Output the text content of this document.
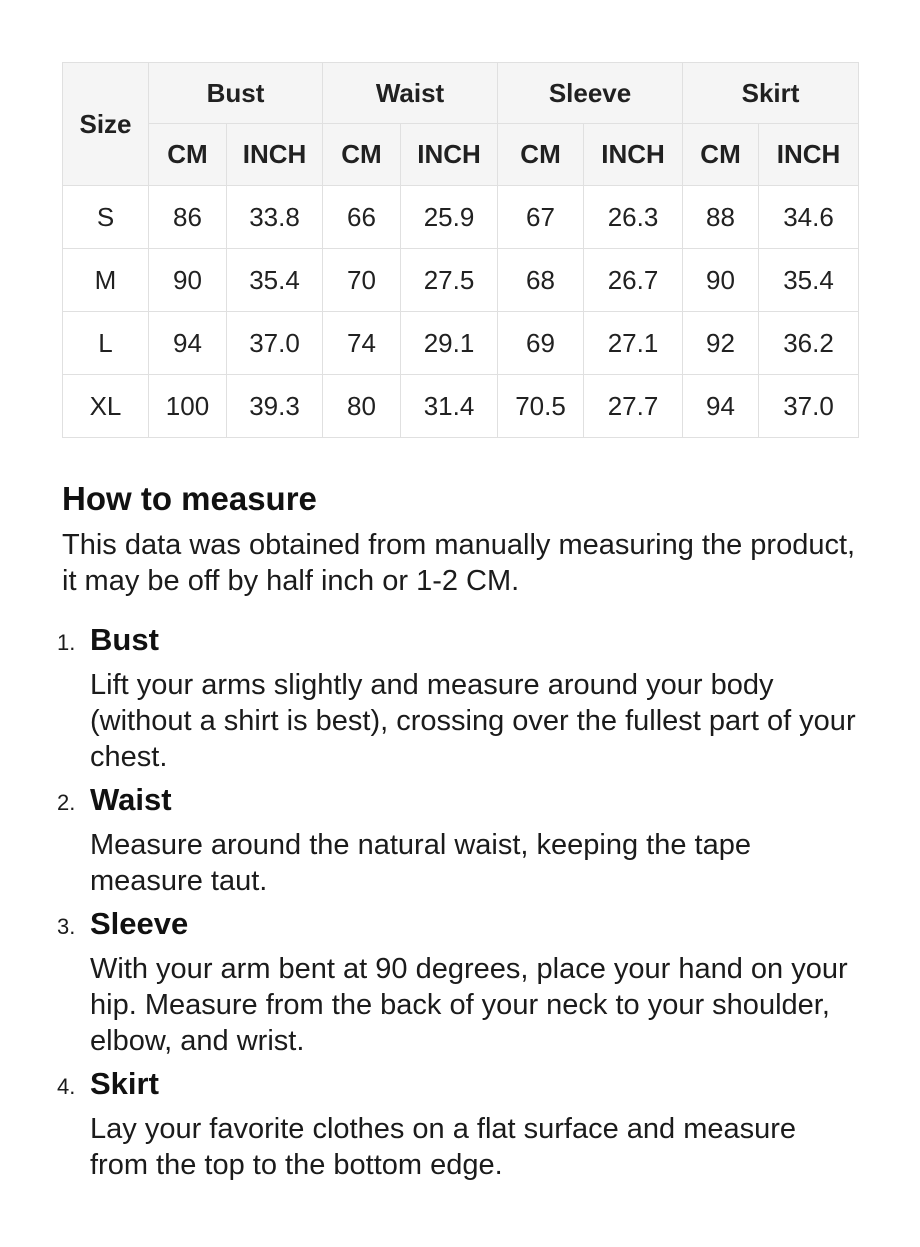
Size	Bust		Waist		Sleeve		Skirt	
	CM	INCH	CM	INCH	CM	INCH	CM	INCH
S	86	33.8	66	25.9	67	26.3	88	34.6
M	90	35.4	70	27.5	68	26.7	90	35.4
L	94	37.0	74	29.1	69	27.1	92	36.2
XL	100	39.3	80	31.4	70.5	27.7	94	37.0
How to measure

This data was obtained from manually measuring the product, it may be off by half inch or 1-2 CM.

1. Bust

Lift your arms slightly and measure around your body (without a shirt is best), crossing over the fullest part of your chest.

2. Waist

Measure around the natural waist, keeping the tape measure taut.

3. Sleeve

With your arm bent at 90 degrees, place your hand on your hip. Measure from the back of your neck to your shoulder, elbow, and wrist.

4. Skirt

Lay your favorite clothes on a flat surface and measure from the top to the bottom edge.
